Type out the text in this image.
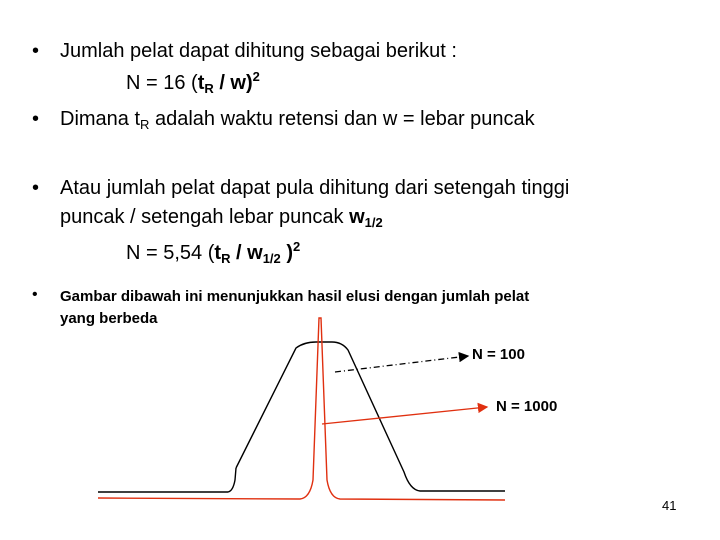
• Jumlah pelat dapat dihitung sebagai berikut :
N = 16 $(t_R / w)^2$
• Dimana $t_R$ adalah waktu retensi dan w = lebar puncak
• Atau jumlah pelat dapat pula dihitung dari setengah tinggi
puncak / setengah lebar puncak $w_{1/2}$
N = 5,54 ($t_R / w_{1/2}$ )$^2$
• Gambar dibawah ini menunjukkan hasil elusi dengan jumlah pelat
yang berbeda
N = 100
N = 1000
41
